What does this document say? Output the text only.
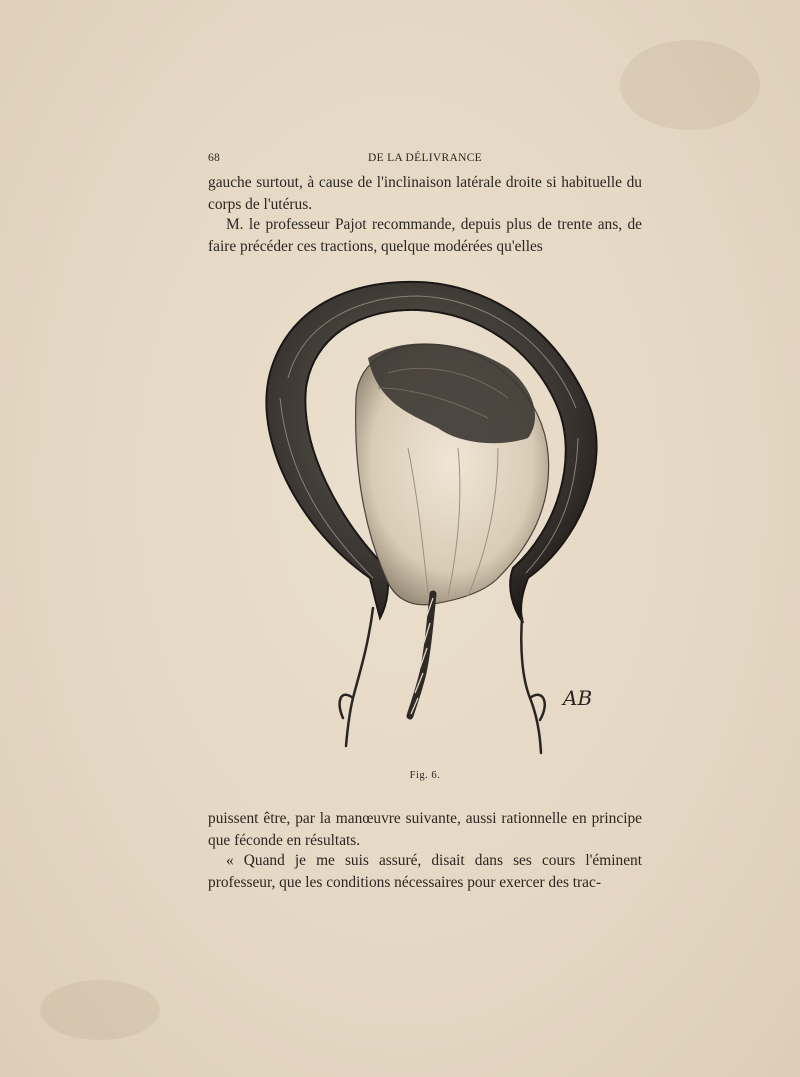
68	DE LA DÉLIVRANCE

gauche surtout, à cause de l'inclinaison latérale droite si habituelle du corps de l'utérus.

M. le professeur Pajot recommande, depuis plus de trente ans, de faire précéder ces tractions, quelque modérées qu'elles

AB
Fig. 6.

puissent être, par la manœuvre suivante, aussi rationnelle en principe que féconde en résultats.

« Quand je me suis assuré, disait dans ses cours l'éminent professeur, que les conditions nécessaires pour exercer des trac-
